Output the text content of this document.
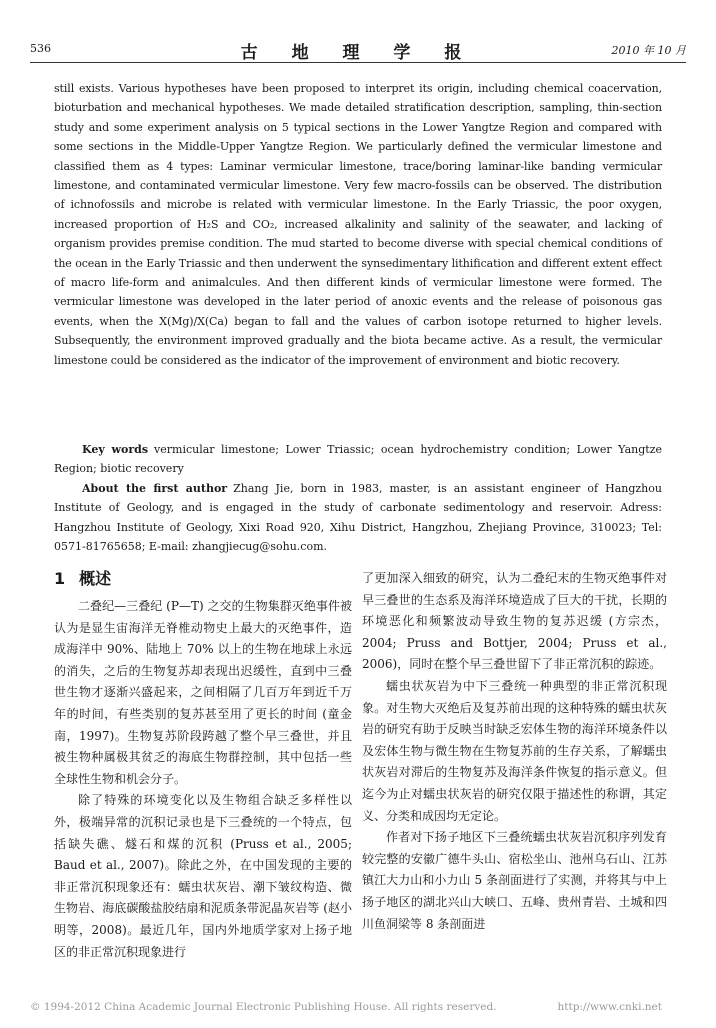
536	古 地 理 学 报	2010 年 10 月

still exists. Various hypotheses have been proposed to interpret its origin, including chemical coacervation, bioturbation and mechanical hypotheses. We made detailed stratification description, sampling, thin-section study and some experiment analysis on 5 typical sections in the Lower Yangtze Region and compared with some sections in the Middle-Upper Yangtze Region. We particularly defined the vermicular limestone and classified them as 4 types: Laminar vermicular limestone, trace/boring laminar-like banding vermicular limestone, and contaminated vermicular limestone. Very few macro-fossils can be observed. The distribution of ichnofossils and microbe is related with vermicular limestone. In the Early Triassic, the poor oxygen, increased proportion of H₂S and CO₂, increased alkalinity and salinity of the seawater, and lacking of organism provides premise condition. The mud started to become diverse with special chemical conditions of the ocean in the Early Triassic and then underwent the synsedimentary lithification and different extent effect of macro life-form and animalcules. And then different kinds of vermicular limestone were formed. The vermicular limestone was developed in the later period of anoxic events and the release of poisonous gas events, when the X(Mg)/X(Ca) began to fall and the values of carbon isotope returned to higher levels. Subsequently, the environment improved gradually and the biota became active. As a result, the vermicular limestone could be considered as the indicator of the improvement of environment and biotic recovery.

Key words vermicular limestone; Lower Triassic; ocean hydrochemistry condition; Lower Yangtze Region; biotic recovery

About the first author Zhang Jie, born in 1983, master, is an assistant engineer of Hangzhou Institute of Geology, and is engaged in the study of carbonate sedimentology and reservoir. Adress: Hangzhou Institute of Geology, Xixi Road 920, Xihu District, Hangzhou, Zhejiang Province, 310023; Tel: 0571-81765658; E-mail: zhangjiecug@sohu.com.

1 概述

二叠纪—三叠纪 (P—T) 之交的生物集群灭绝事件被认为是显生宙海洋无脊椎动物史上最大的灭绝事件，造成海洋中 90%、陆地上 70% 以上的生物在地球上永远的消失，之后的生物复苏却表现出迟缓性，直到中三叠世生物才逐渐兴盛起来，之间相隔了几百万年到近千万年的时间，有些类别的复苏甚至用了更长的时间 (童金南，1997)。生物复苏阶段跨越了整个早三叠世，并且被生物种属极其贫乏的海底生物群控制，其中包括一些全球性生物和机会分子。

除了特殊的环境变化以及生物组合缺乏多样性以外，极端异常的沉积记录也是下三叠统的一个特点，包括缺失礁、燧石和煤的沉积 (Pruss et al., 2005; Baud et al., 2007)。除此之外，在中国发现的主要的非正常沉积现象还有：蠕虫状灰岩、潮下皱纹构造、微生物岩、海底碳酸盐胶结扇和泥质条带泥晶灰岩等 (赵小明等，2008)。最近几年，国内外地质学家对上扬子地区的非正常沉积现象进行

了更加深入细致的研究，认为二叠纪末的生物灭绝事件对早三叠世的生态系及海洋环境造成了巨大的干扰，长期的环境恶化和频繁波动导致生物的复苏迟缓 (方宗杰，2004; Pruss and Bottjer, 2004; Pruss et al., 2006)，同时在整个早三叠世留下了非正常沉积的踪迹。

蠕虫状灰岩为中下三叠统一种典型的非正常沉积现象。对生物大灭绝后及复苏前出现的这种特殊的蠕虫状灰岩的研究有助于反映当时缺乏宏体生物的海洋环境条件以及宏体生物与微生物在生物复苏前的生存关系，了解蠕虫状灰岩对滞后的生物复苏及海洋条件恢复的指示意义。但迄今为止对蠕虫状灰岩的研究仅限于描述性的称谓，其定义、分类和成因均无定论。

作者对下扬子地区下三叠统蠕虫状灰岩沉积序列发育较完整的安徽广德牛头山、宿松坐山、池州乌石山、江苏镇江大力山和小力山 5 条剖面进行了实测，并将其与中上扬子地区的湖北兴山大峡口、五峰、贵州青岩、土城和四川鱼洞梁等 8 条剖面进

© 1994-2012 China Academic Journal Electronic Publishing House. All rights reserved.	http://www.cnki.net
